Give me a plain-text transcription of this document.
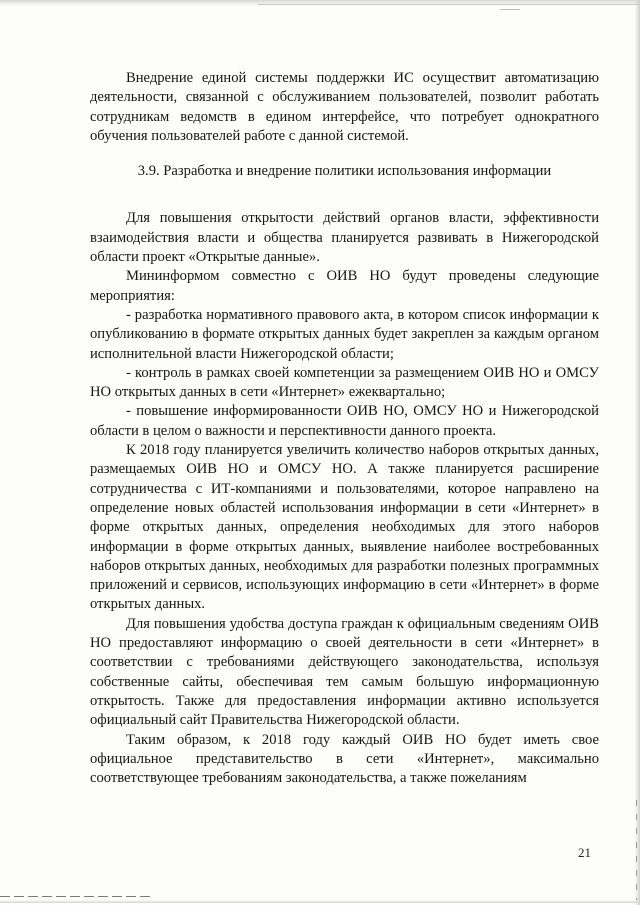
Внедрение единой системы поддержки ИС осуществит автоматизацию деятельности, связанной с обслуживанием пользователей, позволит работать сотрудникам ведомств в едином интерфейсе, что потребует однократного обучения пользователей работе с данной системой.

3.9. Разработка и внедрение политики использования информации

Для повышения открытости действий органов власти, эффективности взаимодействия власти и общества планируется развивать в Нижегородской области проект «Открытые данные».

Мининформом совместно с ОИВ НО будут проведены следующие мероприятия:

- разработка нормативного правового акта, в котором список информации к опубликованию в формате открытых данных будет закреплен за каждым органом исполнительной власти Нижегородской области;

- контроль в рамках своей компетенции за размещением ОИВ НО и ОМСУ НО открытых данных в сети «Интернет» ежеквартально;

- повышение информированности ОИВ НО, ОМСУ НО и Нижегородской области в целом о важности и перспективности данного проекта.

К 2018 году планируется увеличить количество наборов открытых данных, размещаемых ОИВ НО и ОМСУ НО. А также планируется расширение сотрудничества с ИТ-компаниями и пользователями, которое направлено на определение новых областей использования информации в сети «Интернет» в форме открытых данных, определения необходимых для этого наборов информации в форме открытых данных, выявление наиболее востребованных наборов открытых данных, необходимых для разработки полезных программных приложений и сервисов, использующих информацию в сети «Интернет» в форме открытых данных.

Для повышения удобства доступа граждан к официальным сведениям ОИВ НО предоставляют информацию о своей деятельности в сети «Интернет» в соответствии с требованиями действующего законодательства, используя собственные сайты, обеспечивая тем самым большую информационную открытость. Также для предоставления информации активно используется официальный сайт Правительства Нижегородской области.

Таким образом, к 2018 году каждый ОИВ НО будет иметь свое официальное представительство в сети «Интернет», максимально соответствующее требованиям законодательства, а также пожеланиям

21
